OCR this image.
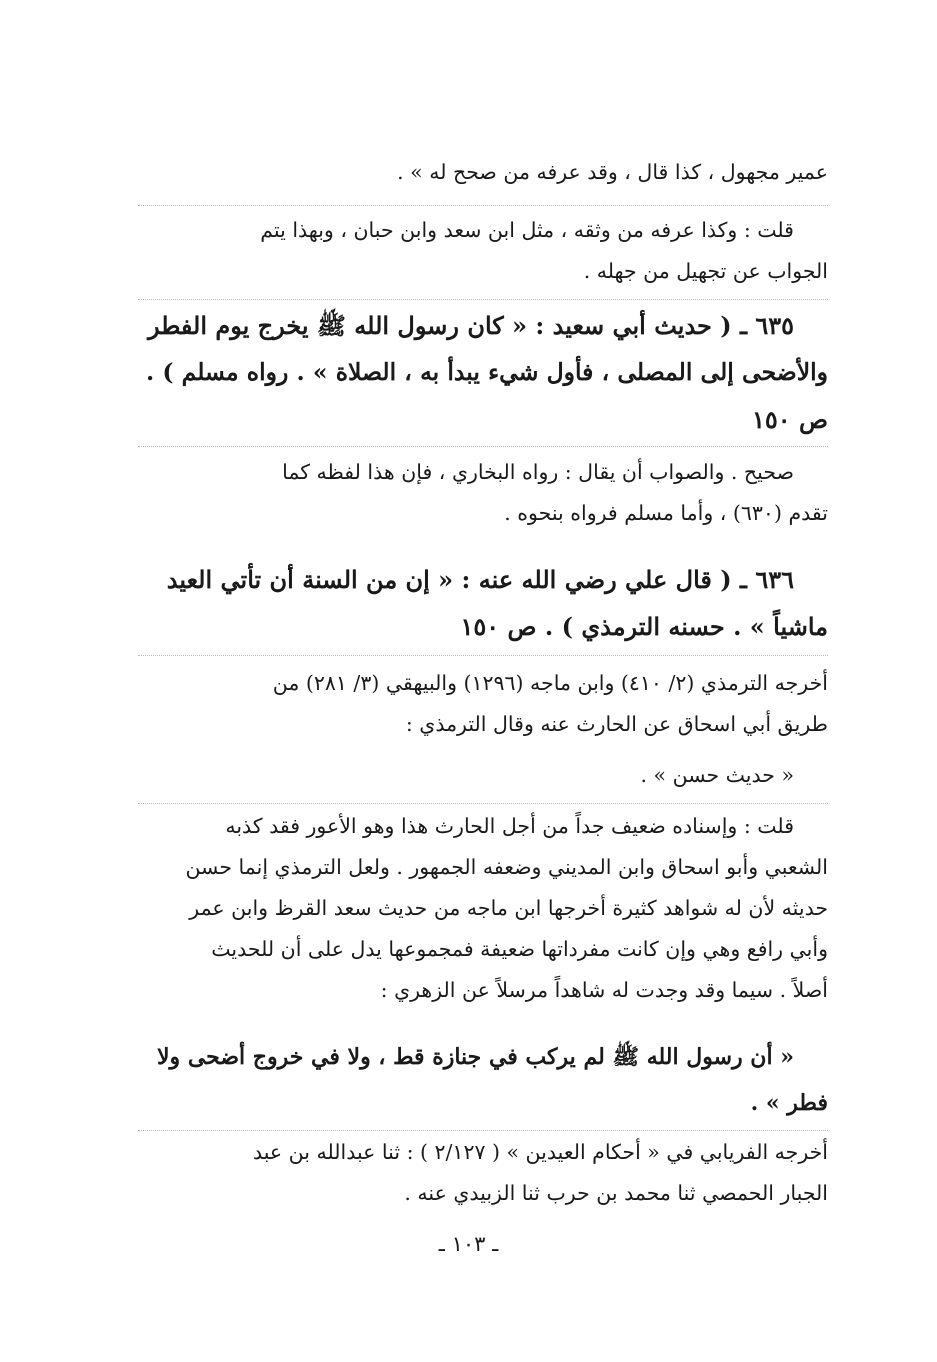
عمير مجهول ، كذا قال ، وقد عرفه من صحح له » .
قلت : وكذا عرفه من وثقه ، مثل ابن سعد وابن حبان ، وبهذا يتم
الجواب عن تجهيل من جهله .
٦٣٥ ـ ( حديث أبي سعيد : « كان رسول الله ﷺ يخرج يوم الفطر
والأضحى إلى المصلى ، فأول شيء يبدأ به ، الصلاة » . رواه مسلم ) .
ص ١٥٠
صحيح . والصواب أن يقال : رواه البخاري ، فإن هذا لفظه كما
تقدم (٦٣٠) ، وأما مسلم فرواه بنحوه .
٦٣٦ ـ ( قال علي رضي الله عنه : « إن من السنة أن تأتي العيد
ماشياً » . حسنه الترمذي ) . ص ١٥٠
أخرجه الترمذي (٢/ ٤١٠) وابن ماجه (١٢٩٦) والبيهقي (٣/ ٢٨١) من
طريق أبي اسحاق عن الحارث عنه وقال الترمذي :
« حديث حسن » .
قلت : وإسناده ضعيف جداً من أجل الحارث هذا وهو الأعور فقد كذبه
الشعبي وأبو اسحاق وابن المديني وضعفه الجمهور . ولعل الترمذي إنما حسن
حديثه لأن له شواهد كثيرة أخرجها ابن ماجه من حديث سعد القرظ وابن عمر
وأبي رافع وهي وإن كانت مفرداتها ضعيفة فمجموعها يدل على أن للحديث
أصلاً . سيما وقد وجدت له شاهداً مرسلاً عن الزهري :
« أن رسول الله ﷺ لم يركب في جنازة قط ، ولا في خروج أضحى ولا
فطر » .
أخرجه الفريابي في « أحكام العيدين » ( ٢/١٢٧ ) : ثنا عبدالله بن عبد
الجبار الحمصي ثنا محمد بن حرب ثنا الزبيدي عنه .
ـ ١٠٣ ـ
